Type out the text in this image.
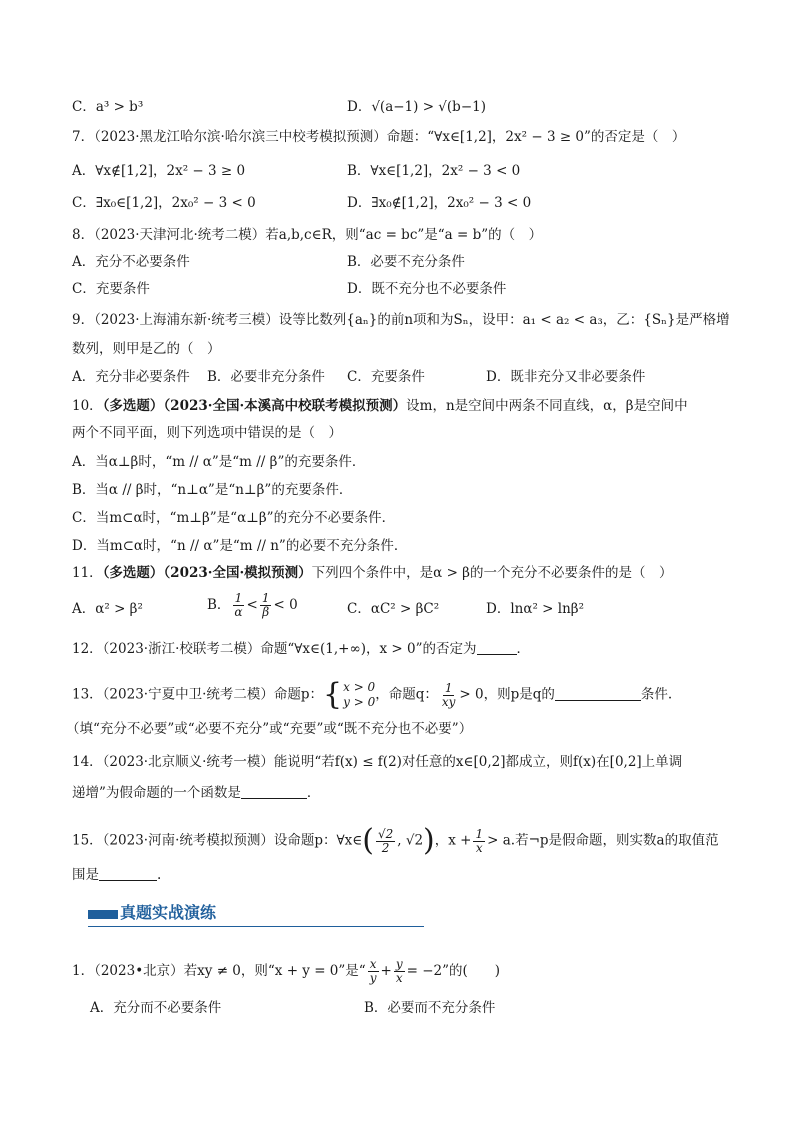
C．a³ > b³	D．√(a−1) > √(b−1)
7．（2023·黑龙江哈尔滨·哈尔滨三中校考模拟预测）命题：“∀x∈[1,2]，2x² − 3 ≥ 0”的否定是（　）
A．∀x∉[1,2]，2x² − 3 ≥ 0	B．∀x∈[1,2]，2x² − 3 < 0
C．∃x₀∈[1,2]，2x₀² − 3 < 0	D．∃x₀∉[1,2]，2x₀² − 3 < 0
8．（2023·天津河北·统考二模）若a,b,c∈R，则“ac = bc”是“a = b”的（　）
A．充分不必要条件	B．必要不充分条件
C．充要条件	D．既不充分也不必要条件
9．（2023·上海浦东新·统考三模）设等比数列{aₙ}的前n项和为Sₙ，设甲：a₁ < a₂ < a₃，乙：{Sₙ}是严格增
数列，则甲是乙的（　）
A．充分非必要条件 B．必要非充分条件 C．充要条件	D．既非充分又非必要条件
10．（多选题）（2023·全国·本溪高中校联考模拟预测）设m，n是空间中两条不同直线，α，β是空间中
两个不同平面，则下列选项中错误的是（　）
A．当α⊥β时，“m // α”是“m // β”的充要条件．
B．当α // β时，“n⊥α”是“n⊥β”的充要条件．
C．当m⊂α时，“m⊥β”是“α⊥β”的充分不必要条件．
D．当m⊂α时，“n // α”是“m // n”的必要不充分条件．
11．（多选题）（2023·全国·模拟预测）下列四个条件中，是α > β的一个充分不必要条件的是（　）
A．α² > β²	B． $\frac{1}{\alpha} < \frac{1}{\beta} < 0$	C．αC² > βC²	D．lnα² > lnβ²
12．（2023·浙江·校联考二模）命题“∀x∈(1,+∞)，x > 0”的否定为	．
13．（2023·宁夏中卫·统考二模）命题p： { x > 0
y > 0 ，命题q： $\frac{1}{xy} > 0$，则p是q的	条件.
（填“充分不必要”或“必要不充分”或“充要”或“既不充分也不必要”）
14．（2023·北京顺义·统考一模）能说明“若f(x) ≤ f(2)对任意的x∈[0,2]都成立，则f(x)在[0,2]上单调
递增”为假命题的一个函数是	．
15．（2023·河南·统考模拟预测）设命题p：∀x∈( $\frac{√2}{2}$ , √2)，$x + \frac{1}{x} > a$.若¬p是假命题，则实数a的取值范
围是	.
真题实战演练
1．（2023•北京）若xy ≠ 0，则“x + y = 0”是“ $\frac{x}{y} + \frac{y}{x} = -2$”的(　　)
A．充分而不必要条件	B．必要而不充分条件
